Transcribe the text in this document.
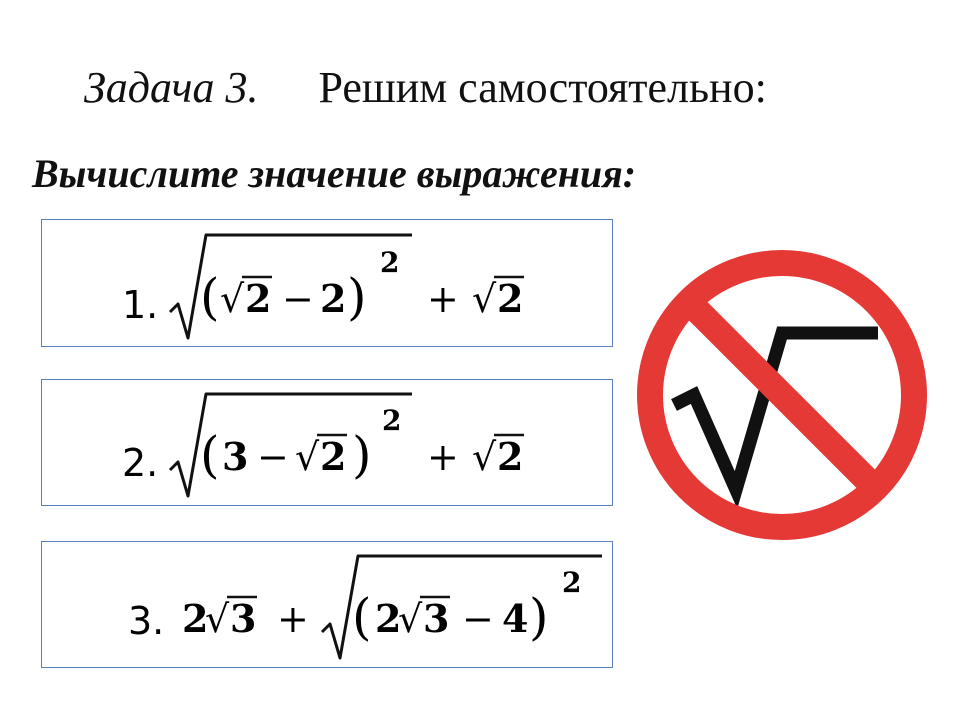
Задача 3. Решим самостоятельно:
Вычислите значение выражения:
1. ( √ 2 − 2 )
2
+ √ 2
2. ( 3 − √ 2 )
2
+ √ 2
3. 2
√ 3 + ( 2
√ 3 − 4 )
2
